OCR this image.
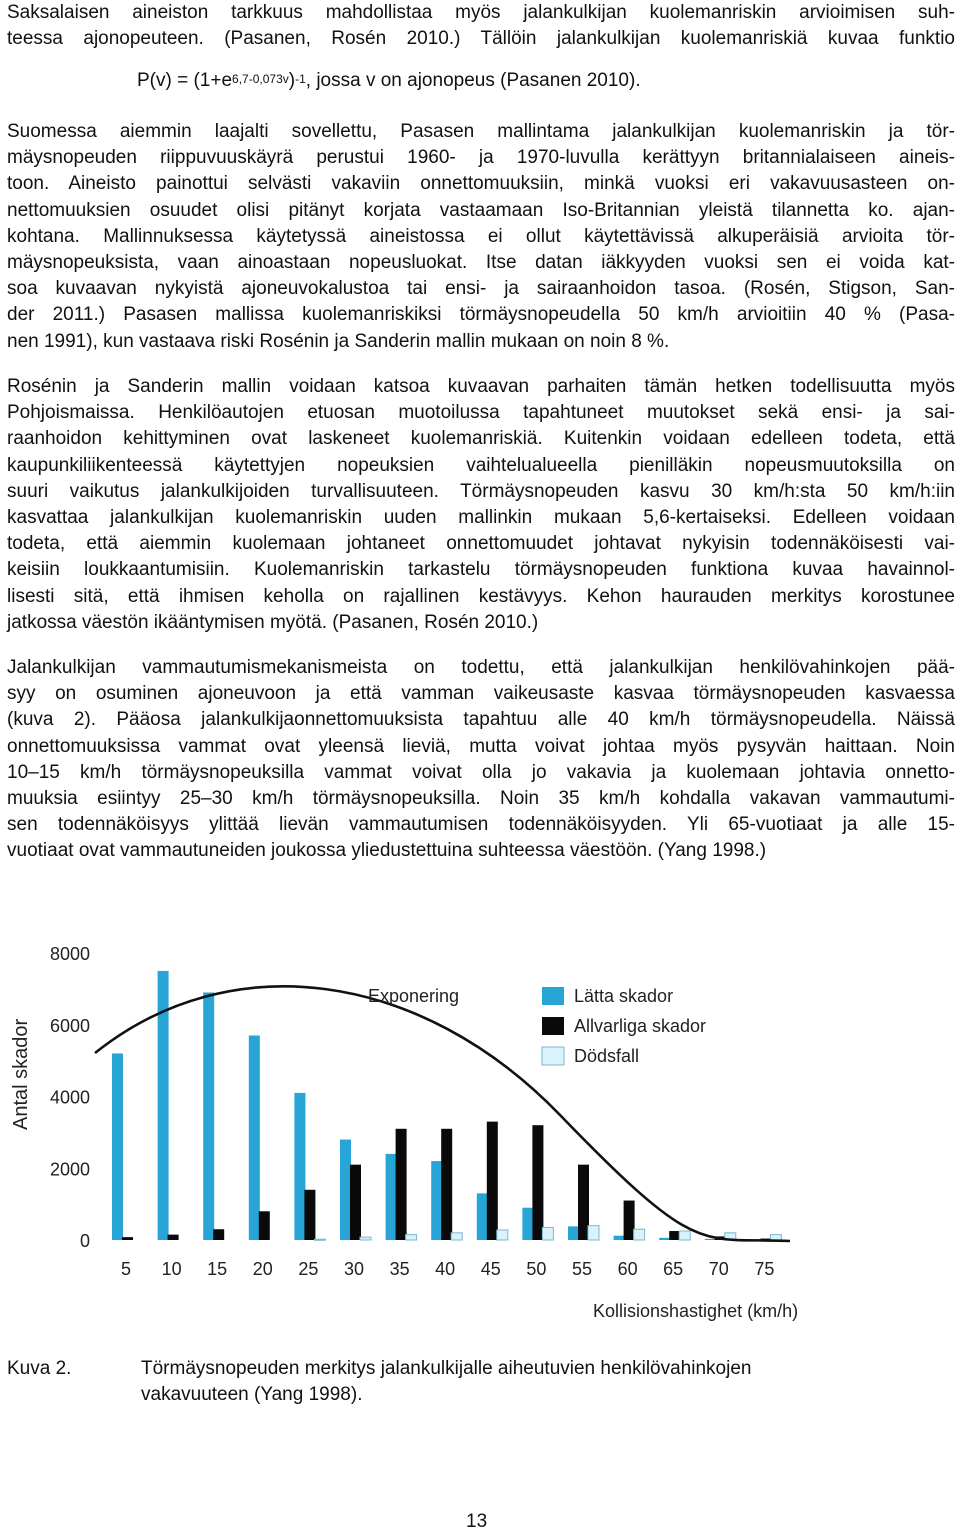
Saksalaisen aineiston tarkkuus mahdollistaa myös jalankulkijan kuolemanriskin arvioimisen suh-
teessa ajonopeuteen. (Pasanen, Rosén 2010.) Tällöin jalankulkijan kuolemanriskiä kuvaa funktio
$P(v) = (1+e^{6,7-0,073v})^{-1}$, jossa v on ajonopeus (Pasanen 2010).
Suomessa aiemmin laajalti sovellettu, Pasasen mallintama jalankulkijan kuolemanriskin ja tör-
mäysnopeuden riippuvuuskäyrä perustui 1960- ja 1970-luvulla kerättyyn britannialaiseen aineis-
toon. Aineisto painottui selvästi vakaviin onnettomuuksiin, minkä vuoksi eri vakavuusasteen on-
nettomuuksien osuudet olisi pitänyt korjata vastaamaan Iso-Britannian yleistä tilannetta ko. ajan-
kohtana. Mallinnuksessa käytetyssä aineistossa ei ollut käytettävissä alkuperäisiä arvioita tör-
mäysnopeuksista, vaan ainoastaan nopeusluokat. Itse datan iäkkyyden vuoksi sen ei voida kat-
soa kuvaavan nykyistä ajoneuvokalustoa tai ensi- ja sairaanhoidon tasoa. (Rosén, Stigson, San-
der 2011.) Pasasen mallissa kuolemanriskiksi törmäysnopeudella 50 km/h arvioitiin 40 % (Pasa-
nen 1991), kun vastaava riski Rosénin ja Sanderin mallin mukaan on noin 8 %.
Rosénin ja Sanderin mallin voidaan katsoa kuvaavan parhaiten tämän hetken todellisuutta myös
Pohjoismaissa. Henkilöautojen etuosan muotoilussa tapahtuneet muutokset sekä ensi- ja sai-
raanhoidon kehittyminen ovat laskeneet kuolemanriskiä. Kuitenkin voidaan edelleen todeta, että
kaupunkiliikenteessä käytettyjen nopeuksien vaihtelualueella pienilläkin nopeusmuutoksilla on
suuri vaikutus jalankulkijoiden turvallisuuteen. Törmäysnopeuden kasvu 30 km/h:sta 50 km/h:iin
kasvattaa jalankulkijan kuolemanriskin uuden mallinkin mukaan 5,6-kertaiseksi. Edelleen voidaan
todeta, että aiemmin kuolemaan johtaneet onnettomuudet johtavat nykyisin todennäköisesti vai-
keisiin loukkaantumisiin. Kuolemanriskin tarkastelu törmäysnopeuden funktiona kuvaa havainnol-
lisesti sitä, että ihmisen keholla on rajallinen kestävyys. Kehon haurauden merkitys korostunee
jatkossa väestön ikääntymisen myötä. (Pasanen, Rosén 2010.)
Jalankulkijan vammautumismekanismeista on todettu, että jalankulkijan henkilövahinkojen pää-
syy on osuminen ajoneuvoon ja että vamman vaikeusaste kasvaa törmäysnopeuden kasvaessa
(kuva 2). Pääosa jalankulkijaonnettomuuksista tapahtuu alle 40 km/h törmäysnopeudella. Näissä
onnettomuuksissa vammat ovat yleensä lieviä, mutta voivat johtaa myös pysyvän haittaan. Noin
10–15 km/h törmäysnopeuksilla vammat voivat olla jo vakavia ja kuolemaan johtavia onnetto-
muuksia esiintyy 25–30 km/h törmäysnopeuksilla. Noin 35 km/h kohdalla vakavan vammautumi-
sen todennäköisyys ylittää lievän vammautumisen todennäköisyyden. Yli 65-vuotiaat ja alle 15-
vuotiaat ovat vammautuneiden joukossa yliedustettuina suhteessa väestöön. (Yang 1998.)
0
2000
4000
6000
8000
Exponering
5 10 15 20 25 30 35 40 45 50 55 60 65 70 75
Kollisionshastighet (km/h)
Antal skador
Lätta skador
Allvarliga skador
Dödsfall
Kuva 2.	Törmäysnopeuden merkitys jalankulkijalle aiheutuvien henkilövahinkojen
vakavuuteen (Yang 1998).
13
